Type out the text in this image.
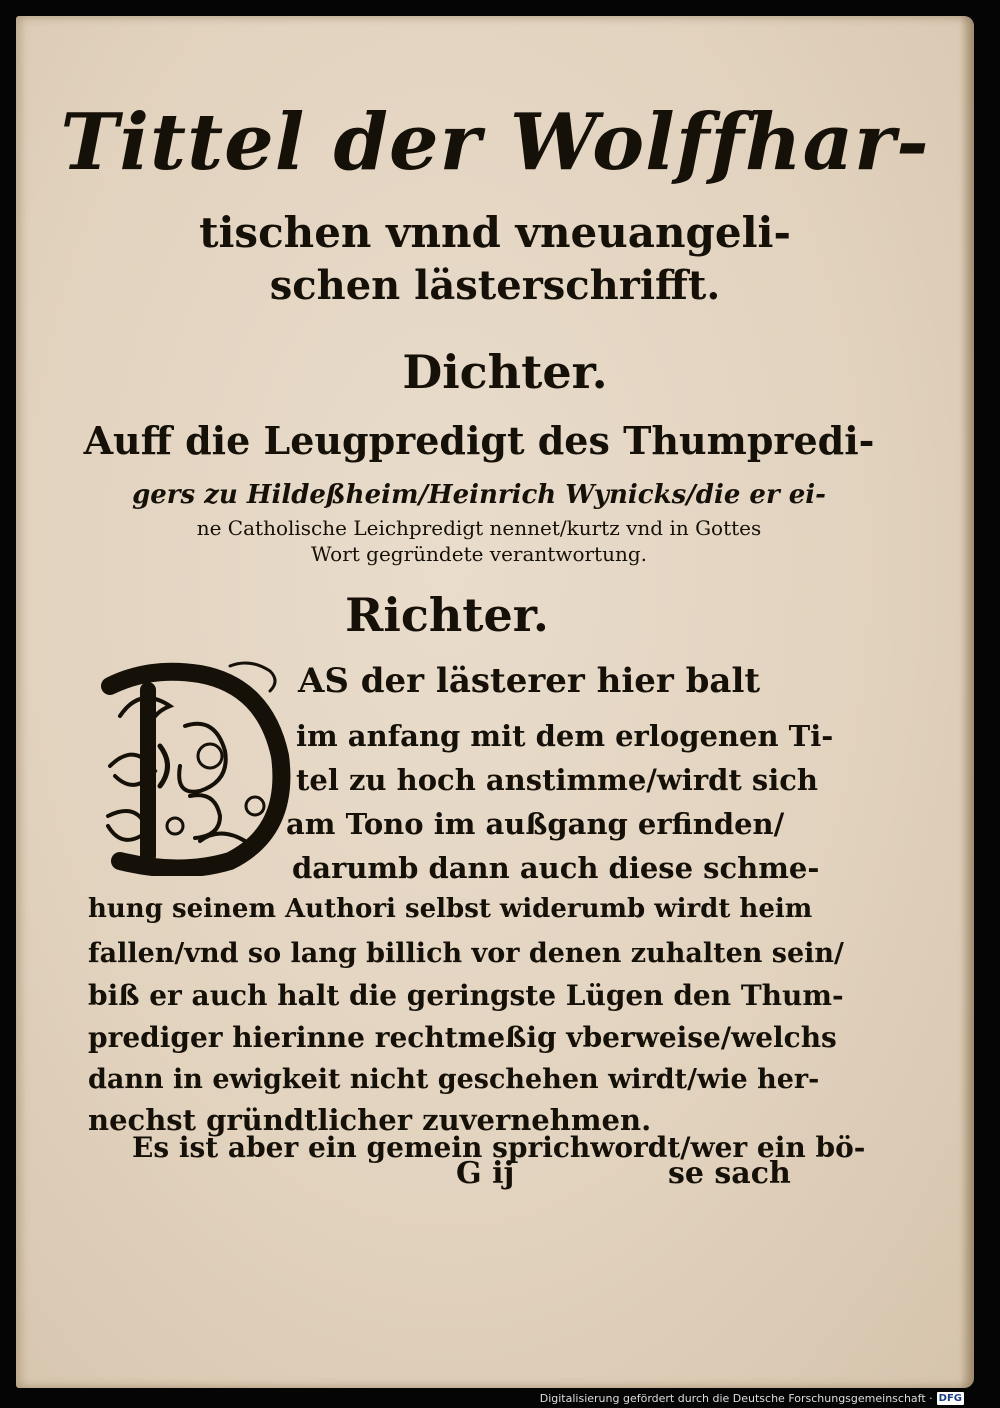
Tittel der Wolffhar-
tischen vnnd vneuangeli-
schen lästerschrifft.
Dichter.
Auff die Leugpredigt des Thumpredi-
gers zu Hildeßheim/Heinrich Wynicks/die er ei-
ne Catholische Leichpredigt nennet/kurtz vnd in Gottes
Wort gegründete verantwortung.
Richter.
AS der lästerer hier balt
im anfang mit dem erlogenen Ti-
tel zu hoch anstimme/wirdt sich
am Tono im außgang erfinden/
darumb dann auch diese schme-
hung seinem Authori selbst widerumb wirdt heim
fallen/vnd so lang billich vor denen zuhalten sein/
biß er auch halt die geringste Lügen den Thum-
prediger hierinne rechtmeßig vberweise/welchs
dann in ewigkeit nicht geschehen wirdt/wie her-
nechst gründtlicher zuvernehmen.
Es ist aber ein gemein sprichwordt/wer ein bö-
G ij	se sach
Digitalisierung gefördert durch die Deutsche Forschungsgemeinschaft · DFG
